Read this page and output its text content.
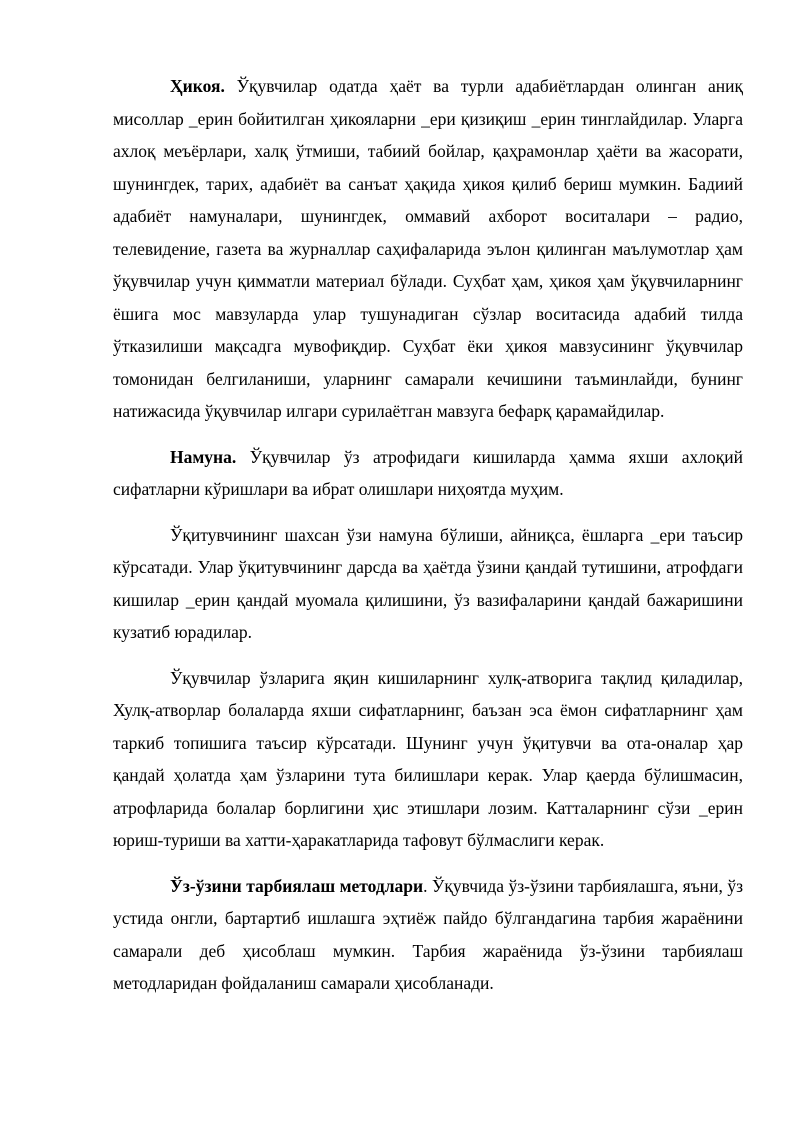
Ҳикоя. Ўқувчилар одатда ҳаёт ва турли адабиётлардан олинган аниқ мисоллар _ерин бойитилган ҳикояларни _ери қизиқиш _ерин тинглайдилар. Уларга ахлоқ меъёрлари, халқ ўтмиши, табиий бойлар, қаҳрамонлар ҳаёти ва жасорати, шунингдек, тарих, адабиёт ва санъат ҳақида ҳикоя қилиб бериш мумкин. Бадиий адабиёт намуналари, шунингдек, оммавий ахборот воситалари – радио, телевидение, газета ва журналлар саҳифаларида эълон қилинган маълумотлар ҳам ўқувчилар учун қимматли материал бўлади. Суҳбат ҳам, ҳикоя ҳам ўқувчиларнинг ёшига мос мавзуларда улар тушунадиган сўзлар воситасида адабий тилда ўтказилиши мақсадга мувофиқдир. Суҳбат ёки ҳикоя мавзусининг ўқувчилар томонидан белгиланиши, уларнинг самарали кечишини таъминлайди, бунинг натижасида ўқувчилар илгари сурилаётган мавзуга бефарқ қарамайдилар.

Намуна. Ўқувчилар ўз атрофидаги кишиларда ҳамма яхши ахлоқий сифатларни кўришлари ва ибрат олишлари ниҳоятда муҳим.

Ўқитувчининг шахсан ўзи намуна бўлиши, айниқса, ёшларга _ери таъсир кўрсатади. Улар ўқитувчининг дарсда ва ҳаётда ўзини қандай тутишини, атрофдаги кишилар _ерин қандай муомала қилишини, ўз вазифаларини қандай бажаришини кузатиб юрадилар.

Ўқувчилар ўзларига яқин кишиларнинг хулқ-атворига тақлид қиладилар, Хулқ-атворлар болаларда яхши сифатларнинг, баъзан эса ёмон сифатларнинг ҳам таркиб топишига таъсир кўрсатади. Шунинг учун ўқитувчи ва ота-оналар ҳар қандай ҳолатда ҳам ўзларини тута билишлари керак. Улар қаерда бўлишмасин, атрофларида болалар борлигини ҳис этишлари лозим. Катталарнинг сўзи _ерин юриш-туриши ва хатти-ҳаракатларида тафовут бўлмаслиги керак.

Ўз-ўзини тарбиялаш методлари. Ўқувчида ўз-ўзини тарбиялашга, яъни, ўз устида онгли, бартартиб ишлашга эҳтиёж пайдо бўлгандагина тарбия жараёнини самарали деб ҳисоблаш мумкин. Тарбия жараёнида ўз-ўзини тарбиялаш методларидан фойдаланиш самарали ҳисобланади.
